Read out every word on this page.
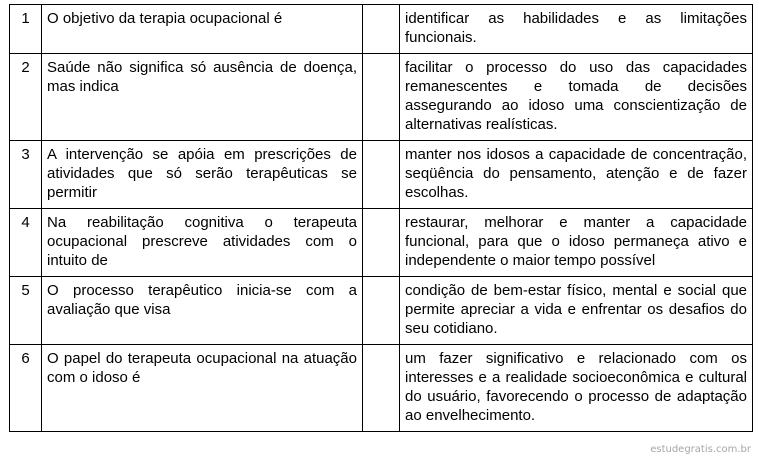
1	O objetivo da terapia ocupacional é		identificar as habilidades e as limitações funcionais.
2	Saúde não significa só ausência de doença, mas indica		facilitar o processo do uso das capacidades remanescentes e tomada de decisões assegurando ao idoso uma conscientização de alternativas realísticas.
3	A intervenção se apóia em prescrições de atividades que só serão terapêuticas se permitir		manter nos idosos a capacidade de concentração, seqüência do pensamento, atenção e de fazer escolhas.
4	Na reabilitação cognitiva o terapeuta ocupacional prescreve atividades com o intuito de		restaurar, melhorar e manter a capacidade funcional, para que o idoso permaneça ativo e independente o maior tempo possível
5	O processo terapêutico inicia-se com a avaliação que visa		condição de bem-estar físico, mental e social que permite apreciar a vida e enfrentar os desafios do seu cotidiano.
6	O papel do terapeuta ocupacional na atuação com o idoso é		um fazer significativo e relacionado com os interesses e a realidade socioeconômica e cultural do usuário, favorecendo o processo de adaptação ao envelhecimento.
estudegratis.com.br
